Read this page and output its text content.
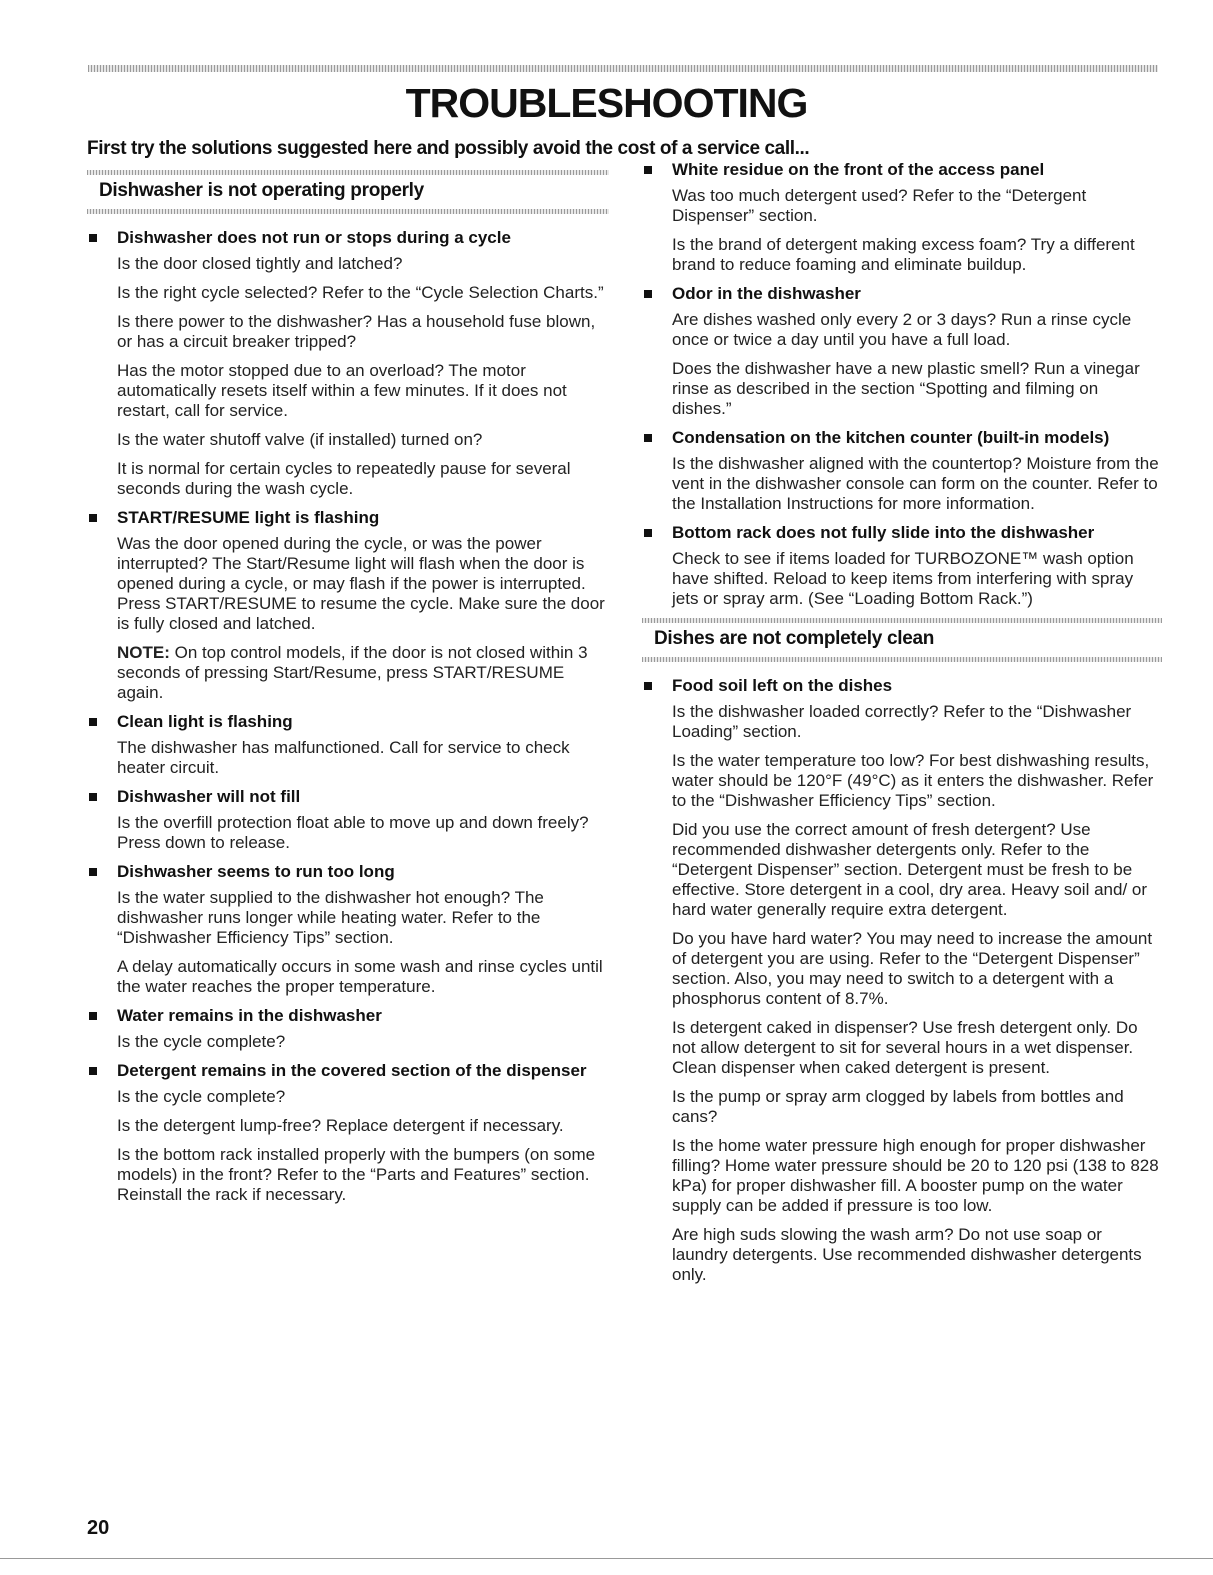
TROUBLESHOOTING
First try the solutions suggested here and possibly avoid the cost of a service call...
Dishwasher is not operating properly
Dishwasher does not run or stops during a cycle

Is the door closed tightly and latched?

Is the right cycle selected? Refer to the “Cycle Selection Charts.”

Is there power to the dishwasher? Has a household fuse blown, or has a circuit breaker tripped?

Has the motor stopped due to an overload? The motor automatically resets itself within a few minutes. If it does not restart, call for service.

Is the water shutoff valve (if installed) turned on?

It is normal for certain cycles to repeatedly pause for several seconds during the wash cycle.

START/RESUME light is flashing

Was the door opened during the cycle, or was the power interrupted? The Start/Resume light will flash when the door is opened during a cycle, or may flash if the power is interrupted. Press START/RESUME to resume the cycle. Make sure the door is fully closed and latched.

NOTE: On top control models, if the door is not closed within 3 seconds of pressing Start/Resume, press START/RESUME again.

Clean light is flashing

The dishwasher has malfunctioned. Call for service to check heater circuit.

Dishwasher will not fill

Is the overfill protection float able to move up and down freely? Press down to release.

Dishwasher seems to run too long

Is the water supplied to the dishwasher hot enough? The dishwasher runs longer while heating water. Refer to the “Dishwasher Efficiency Tips” section.

A delay automatically occurs in some wash and rinse cycles until the water reaches the proper temperature.

Water remains in the dishwasher

Is the cycle complete?

Detergent remains in the covered section of the dispenser

Is the cycle complete?

Is the detergent lump-free? Replace detergent if necessary.

Is the bottom rack installed properly with the bumpers (on some models) in the front? Refer to the “Parts and Features” section. Reinstall the rack if necessary.

White residue on the front of the access panel

Was too much detergent used? Refer to the “Detergent Dispenser” section.

Is the brand of detergent making excess foam? Try a different brand to reduce foaming and eliminate buildup.

Odor in the dishwasher

Are dishes washed only every 2 or 3 days? Run a rinse cycle once or twice a day until you have a full load.

Does the dishwasher have a new plastic smell? Run a vinegar rinse as described in the section “Spotting and filming on dishes.”

Condensation on the kitchen counter (built-in models)

Is the dishwasher aligned with the countertop? Moisture from the vent in the dishwasher console can form on the counter. Refer to the Installation Instructions for more information.

Bottom rack does not fully slide into the dishwasher

Check to see if items loaded for TURBOZONE™ wash option have shifted. Reload to keep items from interfering with spray jets or spray arm. (See “Loading Bottom Rack.”)

Dishes are not completely clean
Food soil left on the dishes

Is the dishwasher loaded correctly? Refer to the “Dishwasher Loading” section.

Is the water temperature too low? For best dishwashing results, water should be 120°F (49°C) as it enters the dishwasher. Refer to the “Dishwasher Efficiency Tips” section.

Did you use the correct amount of fresh detergent? Use recommended dishwasher detergents only. Refer to the “Detergent Dispenser” section. Detergent must be fresh to be effective. Store detergent in a cool, dry area. Heavy soil and/ or hard water generally require extra detergent.

Do you have hard water? You may need to increase the amount of detergent you are using. Refer to the “Detergent Dispenser” section. Also, you may need to switch to a detergent with a phosphorus content of 8.7%.

Is detergent caked in dispenser? Use fresh detergent only. Do not allow detergent to sit for several hours in a wet dispenser. Clean dispenser when caked detergent is present.

Is the pump or spray arm clogged by labels from bottles and cans?

Is the home water pressure high enough for proper dishwasher filling? Home water pressure should be 20 to 120 psi (138 to 828 kPa) for proper dishwasher fill. A booster pump on the water supply can be added if pressure is too low.

Are high suds slowing the wash arm? Do not use soap or laundry detergents. Use recommended dishwasher detergents only.

20
